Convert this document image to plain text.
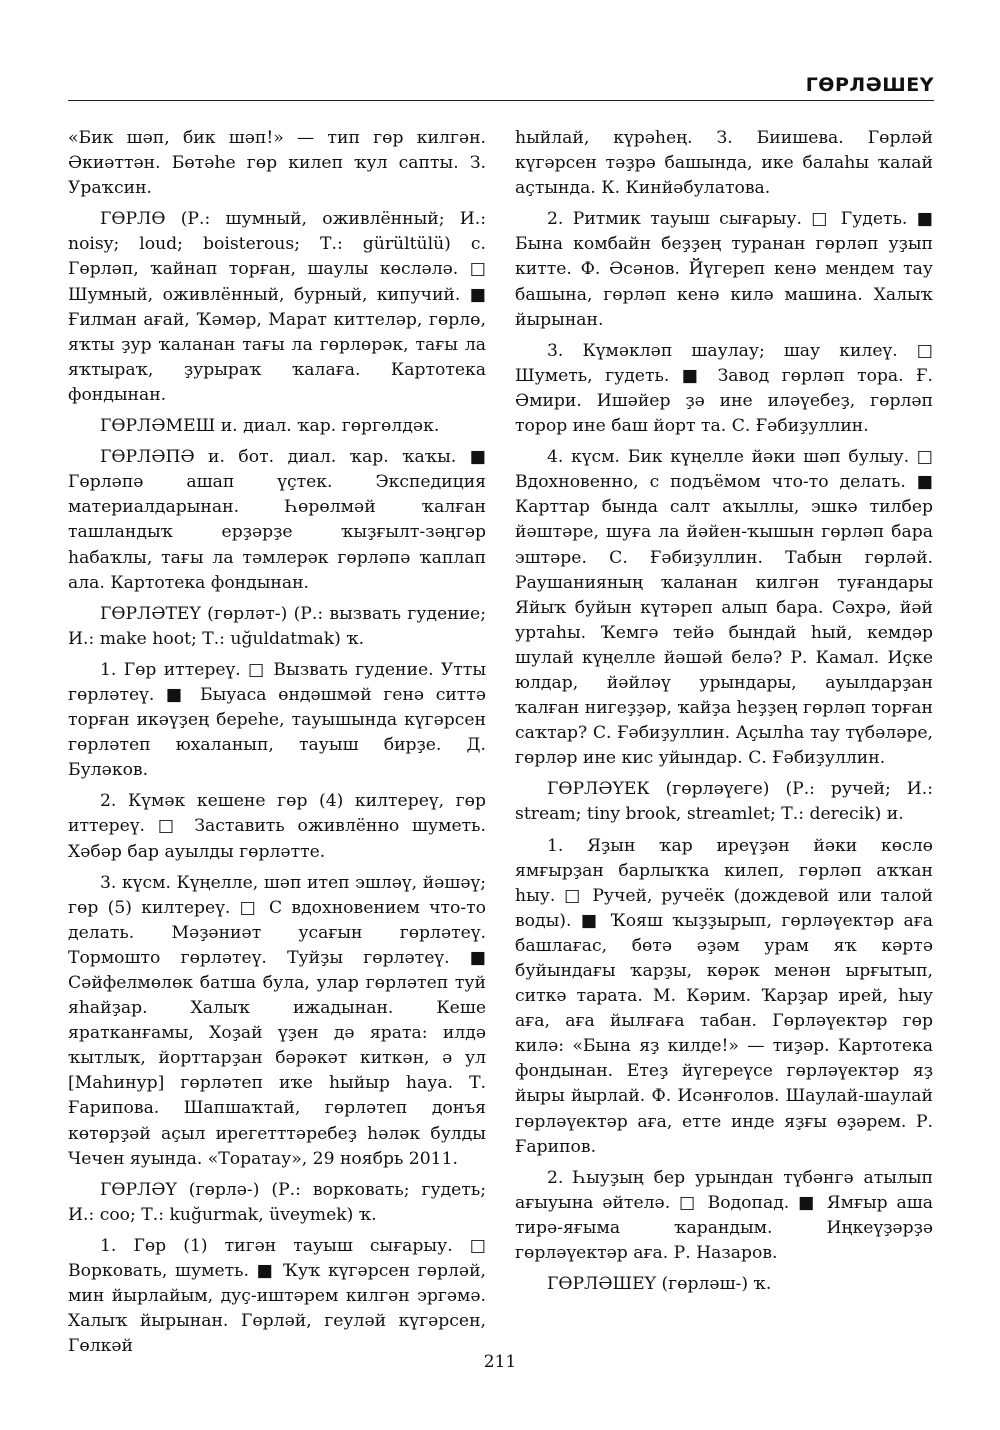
ГӨРЛӘШЕҮ

«Бик шәп, бик шәп!» — тип гөр килгән. Әкиәттән. Бөтәһе гөр килеп ҡул сапты. З. Ураҡсин.

ГӨРЛӨ (Р.: шумный, оживлённый; И.: noisy; loud; boisterous; Т.: gürültülü) с. Гөрләп, ҡайнап торған, шаулы көсләлә. □ Шумный, оживлённый, бурный, кипучий. ■ Ғилман ағай, Ҡәмәр, Марат киттеләр, гөрлө, яҡты ҙур ҡаланан тағы ла гөрлөрәк, тағы ла яҡтыраҡ, ҙурыраҡ ҡалаға. Картотека фондынан.

ГӨРЛӘМЕШ и. диал. ҡар. гөргөлдәк.

ГӨРЛӘПӘ и. бот. диал. ҡар. ҡаҡы. ■ Гөрләпә ашап үҫтек. Экспедиция материалдарынан. Һөрөлмәй ҡалған ташландыҡ ерҙәрҙе ҡыҙғылт-зәңгәр һабаҡлы, тағы ла тәмлерәк гөрләпә ҡаплап ала. Картотека фондынан.

ГӨРЛӘТЕҮ (гөрләт-) (Р.: вызвать гудение; И.: make hoot; Т.: uğuldatmak) ҡ.

1. Гөр иттереү. □ Вызвать гудение. Утты гөрләтеү. ■ Быуаса өндәшмәй генә ситтә торған икәүҙең береһе, тауышында күгәрсен гөрләтеп юхаланып, тауыш бирҙе. Д. Буләков.

2. Күмәк кешене гөр (4) килтереү, гөр иттереү. □ Заставить оживлённо шуметь. Хәбәр бар ауылды гөрләтте.

3. күсм. Күңелле, шәп итеп эшләү, йәшәү; гөр (5) килтереү. □ С вдохновением что-то делать. Мәҙәниәт усағын гөрләтеү. Тормошто гөрләтеү. Туйҙы гөрләтеү. ■ Сәйфелмөлөк батша була, улар гөрләтеп туй яһайҙар. Халыҡ ижадынан. Кеше яратканғамы, Хоҙай үҙен дә ярата: илдә ҡытлыҡ, йорттарҙан бәрәкәт киткән, ә ул [Маһинур] гөрләтеп иҡе һыйыр һауа. Т. Ғарипова. Шапшаҡтай, гөрләтеп донъя көтөрҙәй аҫыл ирегетттәребеҙ һәләк булды Чечен яуында. «Торатау», 29 ноябрь 2011.

ГӨРЛӘҮ (гөрлә-) (Р.: ворковать; гудеть; И.: coo; Т.: kuğurmak, üveymek) ҡ.

1. Гөр (1) тигән тауыш сығарыу. □ Ворковать, шуметь. ■ Ҡуҡ күгәрсен гөрләй, мин йырлайым, дуҫ-иштәрем килгән эргәмә. Халыҡ йырынан. Гөрләй, геуләй күгәрсен, Гөлкәй

һыйлай, күрәһең. З. Биишева. Гөрләй күгәрсен тәҙрә башында, ике балаһы ҡалай аҫтында. К. Кинйәбулатова.

2. Ритмик тауыш сығарыу. □ Гудеть. ■ Бына комбайн беҙҙең туранан гөрләп уҙып китте. Ф. Әсәнов. Йүгереп кенә мендем тау башына, гөрләп кенә килә машина. Халыҡ йырынан.

3. Күмәкләп шаулау; шау килеү. □ Шуметь, гудеть. ■ Завод гөрләп тора. Ғ. Әмири. Ишәйер ҙә ине иләүебеҙ, гөрләп торор ине баш йорт та. С. Ғәбиҙуллин.

4. күсм. Бик күңелле йәки шәп булыу. □ Вдохновенно, с подъёмом что-то делать. ■ Карттар бында салт аҡыллы, эшкә тилбер йәштәре, шуға ла йәйен-ҡышын гөрләп бара эштәре. С. Ғәбиҙуллин. Табын гөрләй. Раушанияның ҡаланан килгән туғандары Яйыҡ буйын күтәреп алып бара. Сәхрә, йәй уртаһы. Ҡемгә тейә бындай һый, кемдәр шулай күңелле йәшәй белә? Р. Камал. Иҫке юлдар, йәйләү урындары, ауылдарҙан ҡалған нигеҙҙәр, ҡайҙа һеҙҙең гөрләп торған саҡтар? С. Ғәбиҙуллин. Аҫылһа тау түбәләре, гөрләр ине кис уйындар. С. Ғәбиҙуллин.

ГӨРЛӘҮЕК (гөрләүеге) (Р.: ручей; И.: stream; tiny brook, streamlet; Т.: derecik) и.

1. Яҙын ҡар иреүҙән йәки көслө ямғырҙан барлыҡҡа килеп, гөрләп аҡҡан һыу. □ Ручей, ручеёк (дождевой или талой воды). ■ Ҡояш ҡыҙҙырып, гөрләүектәр аға башлағас, бөтә әҙәм урам яҡ кәртә буйындағы ҡарҙы, көрәк менән ырғытып, ситкә тарата. М. Кәрим. Ҡарҙар ирей, һыу аға, аға йылғаға табан. Гөрләүектәр гөр килә: «Бына яҙ килде!» — тиҙәр. Картотека фондынан. Етеҙ йүгереүсе гөрләүектәр яҙ йыры йырлай. Ф. Исәнғолов. Шаулай-шаулай гөрләүектәр аға, етте инде яҙғы өҙәрем. Р. Ғарипов.

2. Һыуҙың бер урындан түбәнгә атылып ағыуына әйтелә. □ Водопад. ■ Ямғыр аша тирә-яғыма ҡарандым. Иңкеүҙәрҙә гөрләүектәр аға. Р. Назаров.

ГӨРЛӘШЕҮ (гөрләш-) ҡ.

211
